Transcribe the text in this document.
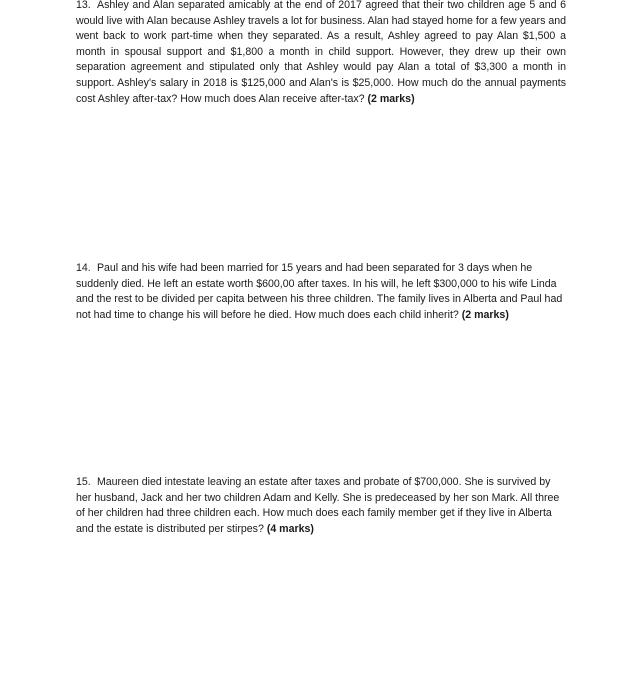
13. Ashley and Alan separated amicably at the end of 2017 agreed that their two children age 5 and 6 would live with Alan because Ashley travels a lot for business. Alan had stayed home for a few years and went back to work part-time when they separated. As a result, Ashley agreed to pay Alan $1,500 a month in spousal support and $1,800 a month in child support. However, they drew up their own separation agreement and stipulated only that Ashley would pay Alan a total of $3,300 a month in support. Ashley's salary in 2018 is $125,000 and Alan's is $25,000. How much do the annual payments cost Ashley after-tax? How much does Alan receive after-tax? (2 marks)
14. Paul and his wife had been married for 15 years and had been separated for 3 days when he suddenly died. He left an estate worth $600,00 after taxes. In his will, he left $300,000 to his wife Linda and the rest to be divided per capita between his three children. The family lives in Alberta and Paul had not had time to change his will before he died. How much does each child inherit? (2 marks)
15. Maureen died intestate leaving an estate after taxes and probate of $700,000. She is survived by her husband, Jack and her two children Adam and Kelly. She is predeceased by her son Mark. All three of her children had three children each. How much does each family member get if they live in Alberta and the estate is distributed per stirpes? (4 marks)
